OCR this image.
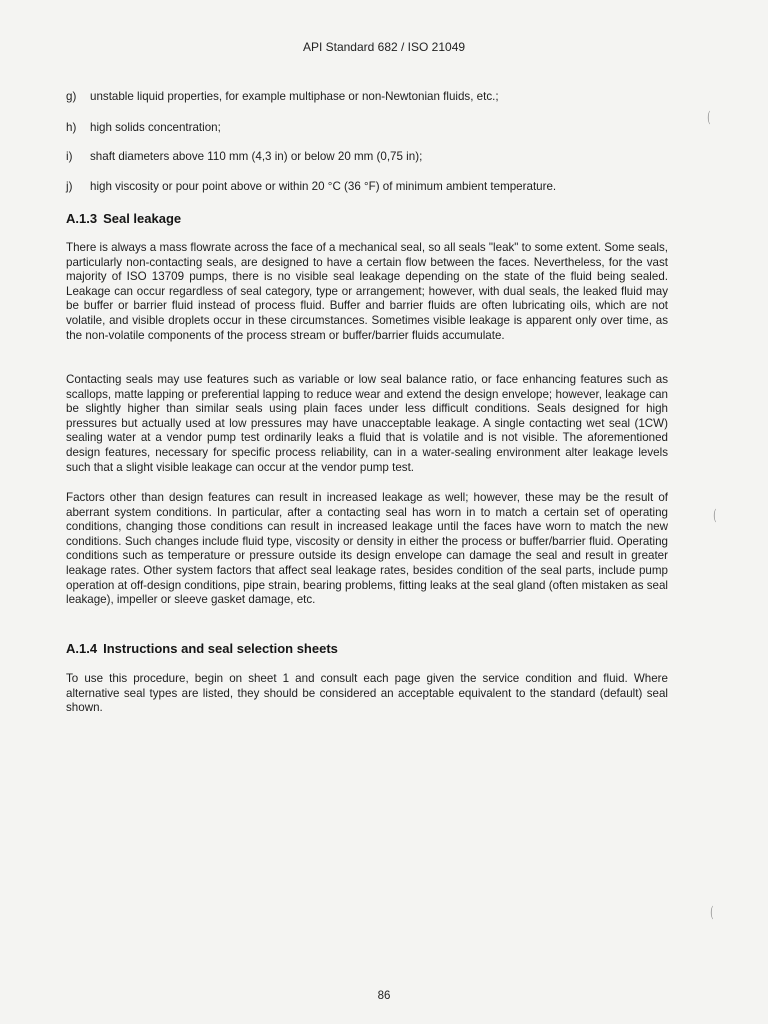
API Standard 682 / ISO 21049
g) unstable liquid properties, for example multiphase or non-Newtonian fluids, etc.;
h) high solids concentration;
i) shaft diameters above 110 mm (4,3 in) or below 20 mm (0,75 in);
j) high viscosity or pour point above or within 20 °C (36 °F) of minimum ambient temperature.
A.1.3 Seal leakage
There is always a mass flowrate across the face of a mechanical seal, so all seals "leak" to some extent. Some seals, particularly non-contacting seals, are designed to have a certain flow between the faces. Nevertheless, for the vast majority of ISO 13709 pumps, there is no visible seal leakage depending on the state of the fluid being sealed. Leakage can occur regardless of seal category, type or arrangement; however, with dual seals, the leaked fluid may be buffer or barrier fluid instead of process fluid. Buffer and barrier fluids are often lubricating oils, which are not volatile, and visible droplets occur in these circumstances. Sometimes visible leakage is apparent only over time, as the non-volatile components of the process stream or buffer/barrier fluids accumulate.
Contacting seals may use features such as variable or low seal balance ratio, or face enhancing features such as scallops, matte lapping or preferential lapping to reduce wear and extend the design envelope; however, leakage can be slightly higher than similar seals using plain faces under less difficult conditions. Seals designed for high pressures but actually used at low pressures may have unacceptable leakage. A single contacting wet seal (1CW) sealing water at a vendor pump test ordinarily leaks a fluid that is volatile and is not visible. The aforementioned design features, necessary for specific process reliability, can in a water-sealing environment alter leakage levels such that a slight visible leakage can occur at the vendor pump test.
Factors other than design features can result in increased leakage as well; however, these may be the result of aberrant system conditions. In particular, after a contacting seal has worn in to match a certain set of operating conditions, changing those conditions can result in increased leakage until the faces have worn to match the new conditions. Such changes include fluid type, viscosity or density in either the process or buffer/barrier fluid. Operating conditions such as temperature or pressure outside its design envelope can damage the seal and result in greater leakage rates. Other system factors that affect seal leakage rates, besides condition of the seal parts, include pump operation at off-design conditions, pipe strain, bearing problems, fitting leaks at the seal gland (often mistaken as seal leakage), impeller or sleeve gasket damage, etc.
A.1.4 Instructions and seal selection sheets
To use this procedure, begin on sheet 1 and consult each page given the service condition and fluid. Where alternative seal types are listed, they should be considered an acceptable equivalent to the standard (default) seal shown.
(
(
(
86
